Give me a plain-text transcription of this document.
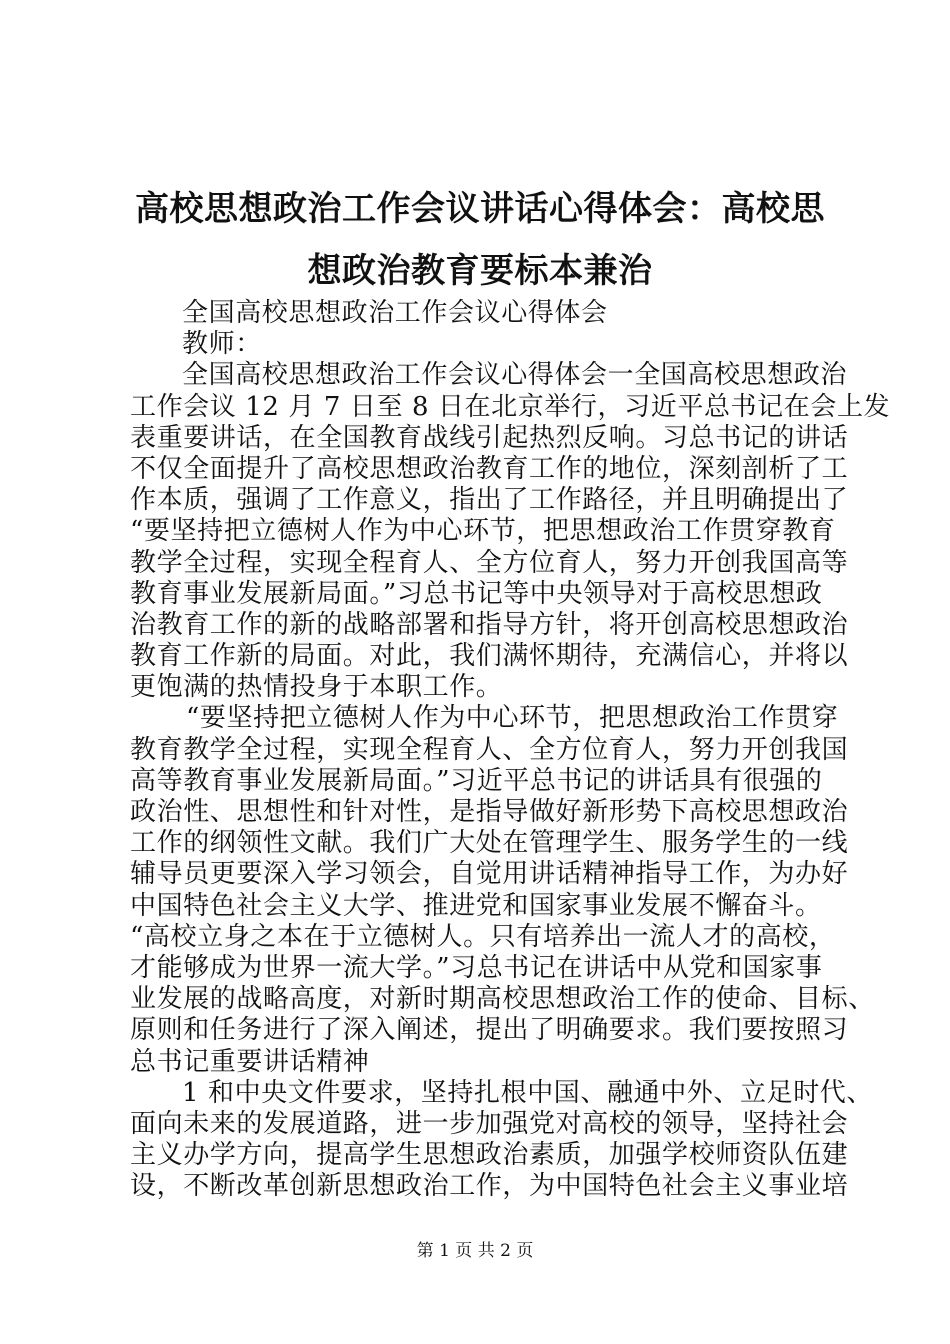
高校思想政治工作会议讲话心得体会：高校思
想政治教育要标本兼治

全国高校思想政治工作会议心得体会

教师：

全国高校思想政治工作会议心得体会一全国高校思想政治

工作会议 12 月 7 日至 8 日在北京举行，习近平总书记在会上发

表重要讲话，在全国教育战线引起热烈反响。习总书记的讲话

不仅全面提升了高校思想政治教育工作的地位，深刻剖析了工

作本质，强调了工作意义，指出了工作路径，并且明确提出了

“要坚持把立德树人作为中心环节，把思想政治工作贯穿教育

教学全过程，实现全程育人、全方位育人，努力开创我国高等

教育事业发展新局面。”习总书记等中央领导对于高校思想政

治教育工作的新的战略部署和指导方针，将开创高校思想政治

教育工作新的局面。对此，我们满怀期待，充满信心，并将以

更饱满的热情投身于本职工作。

“要坚持把立德树人作为中心环节，把思想政治工作贯穿

教育教学全过程，实现全程育人、全方位育人，努力开创我国

高等教育事业发展新局面。”习近平总书记的讲话具有很强的

政治性、思想性和针对性，是指导做好新形势下高校思想政治

工作的纲领性文献。我们广大处在管理学生、服务学生的一线

辅导员更要深入学习领会，自觉用讲话精神指导工作，为办好

中国特色社会主义大学、推进党和国家事业发展不懈奋斗。

“高校立身之本在于立德树人。只有培养出一流人才的高校，

才能够成为世界一流大学。”习总书记在讲话中从党和国家事

业发展的战略高度，对新时期高校思想政治工作的使命、目标、

原则和任务进行了深入阐述，提出了明确要求。我们要按照习

总书记重要讲话精神

1 和中央文件要求，坚持扎根中国、融通中外、立足时代、

面向未来的发展道路，进一步加强党对高校的领导，坚持社会

主义办学方向，提高学生思想政治素质，加强学校师资队伍建

设，不断改革创新思想政治工作，为中国特色社会主义事业培

第 1 页 共 2 页
